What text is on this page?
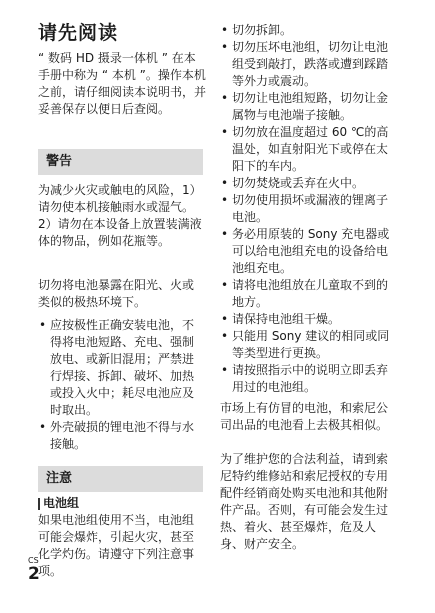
请先阅读

“ 数码 HD 摄录一体机 ” 在本手册中称为 “ 本机 ”。操作本机之前，请仔细阅读本说明书，并妥善保存以便日后查阅。

警告

为减少火灾或触电的风险，1）请勿使本机接触雨水或湿气。2）请勿在本设备上放置装满液体的物品，例如花瓶等。

切勿将电池暴露在阳光、火或类似的极热环境下。

• 应按极性正确安装电池，不得将电池短路、充电、强制放电、或新旧混用；严禁进行焊接、拆卸、破坏、加热或投入火中；耗尽电池应及时取出。
• 外壳破损的锂电池不得与水接触。
注意
电池组

如果电池组使用不当，电池组可能会爆炸，引起火灾，甚至化学灼伤。请遵守下列注意事项。

CS
2
• 切勿拆卸。
• 切勿压坏电池组，切勿让电池组受到敲打，跌落或遭到踩踏等外力或震动。
• 切勿让电池组短路，切勿让金属物与电池端子接触。
• 切勿放在温度超过 60 ℃的高温处，如直射阳光下或停在太阳下的车内。
• 切勿焚烧或丢弃在火中。
• 切勿使用损坏或漏液的锂离子电池。
• 务必用原装的 Sony 充电器或可以给电池组充电的设备给电池组充电。
• 请将电池组放在儿童取不到的地方。
• 请保持电池组干燥。
• 只能用 Sony 建议的相同或同等类型进行更换。
• 请按照指示中的说明立即丢弃用过的电池组。

市场上有仿冒的电池，和索尼公司出品的电池看上去极其相似。

为了维护您的合法利益，请到索尼特约维修站和索尼授权的专用配件经销商处购买电池和其他附件产品。否则，有可能会发生过热、着火、甚至爆炸，危及人身、财产安全。
